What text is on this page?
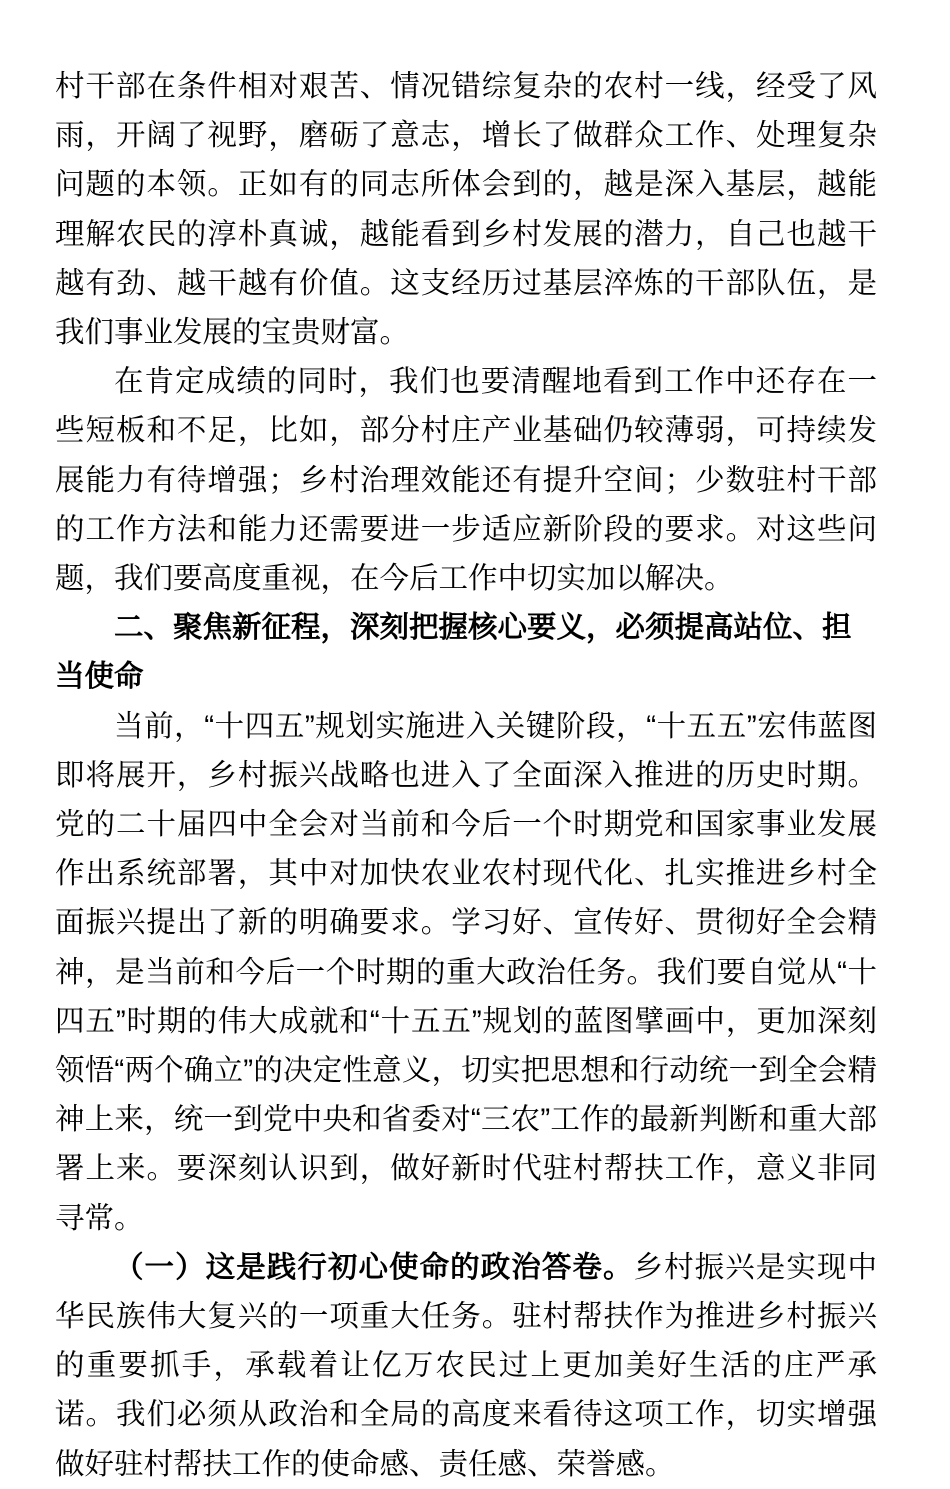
村干部在条件相对艰苦、情况错综复杂的农村一线，经受了风雨，开阔了视野，磨砺了意志，增长了做群众工作、处理复杂问题的本领。正如有的同志所体会到的，越是深入基层，越能理解农民的淳朴真诚，越能看到乡村发展的潜力，自己也越干越有劲、越干越有价值。这支经历过基层淬炼的干部队伍，是我们事业发展的宝贵财富。

在肯定成绩的同时，我们也要清醒地看到工作中还存在一些短板和不足，比如，部分村庄产业基础仍较薄弱，可持续发展能力有待增强；乡村治理效能还有提升空间；少数驻村干部的工作方法和能力还需要进一步适应新阶段的要求。对这些问题，我们要高度重视，在今后工作中切实加以解决。

二、聚焦新征程，深刻把握核心要义，必须提高站位、担当使命

当前，“十四五”规划实施进入关键阶段，“十五五”宏伟蓝图即将展开，乡村振兴战略也进入了全面深入推进的历史时期。党的二十届四中全会对当前和今后一个时期党和国家事业发展作出系统部署，其中对加快农业农村现代化、扎实推进乡村全面振兴提出了新的明确要求。学习好、宣传好、贯彻好全会精神，是当前和今后一个时期的重大政治任务。我们要自觉从“十四五”时期的伟大成就和“十五五”规划的蓝图擘画中，更加深刻领悟“两个确立”的决定性意义，切实把思想和行动统一到全会精神上来，统一到党中央和省委对“三农”工作的最新判断和重大部署上来。要深刻认识到，做好新时代驻村帮扶工作，意义非同寻常。

（一）这是践行初心使命的政治答卷。乡村振兴是实现中华民族伟大复兴的一项重大任务。驻村帮扶作为推进乡村振兴的重要抓手，承载着让亿万农民过上更加美好生活的庄严承诺。我们必须从政治和全局的高度来看待这项工作，切实增强做好驻村帮扶工作的使命感、责任感、荣誉感。
